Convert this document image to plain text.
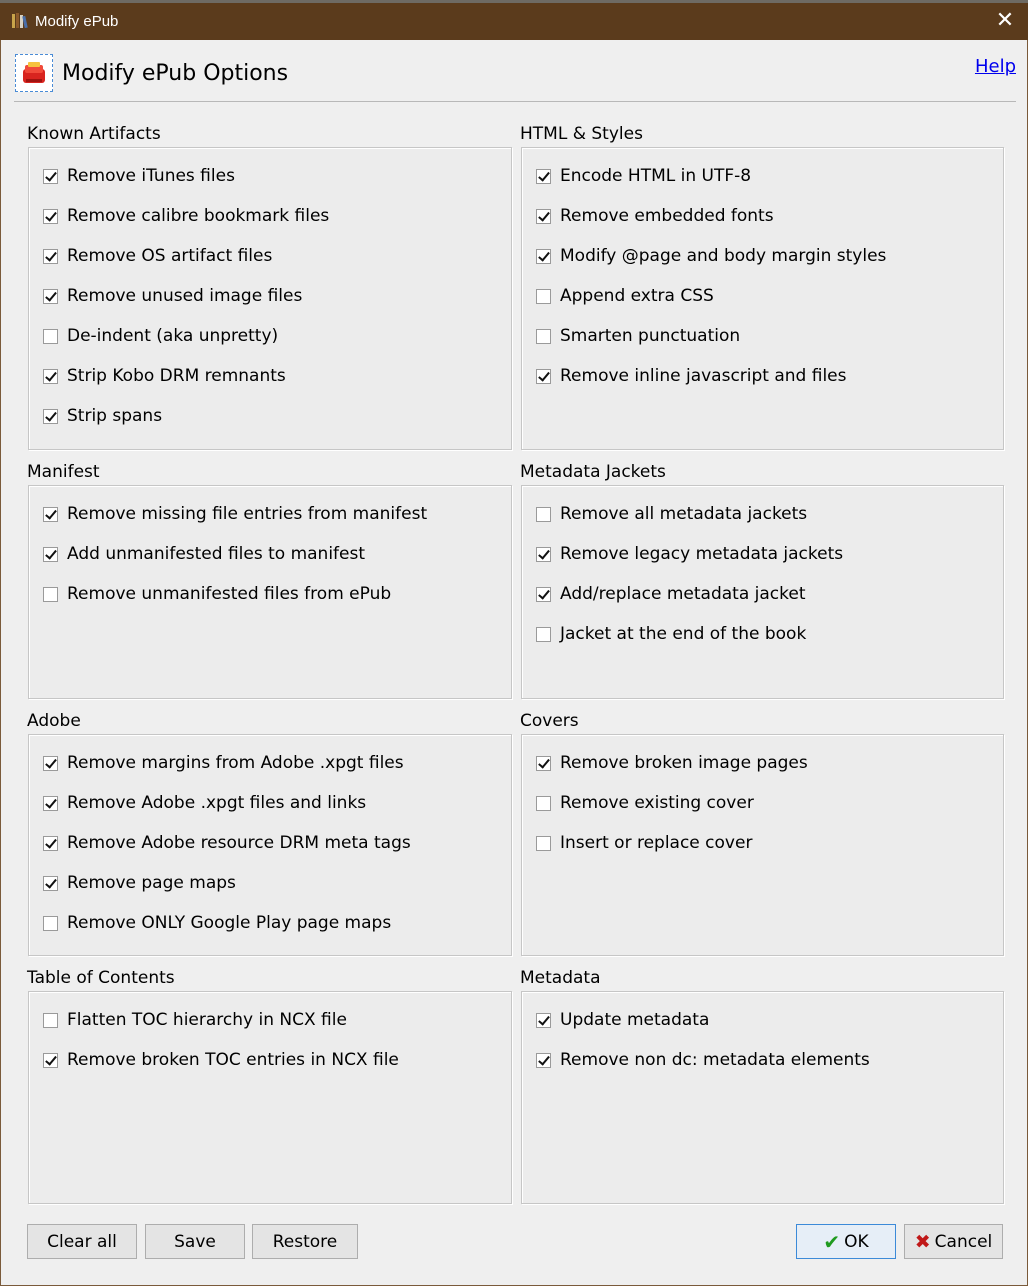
Modify ePub	✕
Modify ePub Options	Help
Known Artifacts
Remove iTunes files
Remove calibre bookmark files
Remove OS artifact files
Remove unused image files
De-indent (aka unpretty)
Strip Kobo DRM remnants
Strip spans
Manifest
Remove missing file entries from manifest
Add unmanifested files to manifest
Remove unmanifested files from ePub
Adobe
Remove margins from Adobe .xpgt files
Remove Adobe .xpgt files and links
Remove Adobe resource DRM meta tags
Remove page maps
Remove ONLY Google Play page maps
Table of Contents
Flatten TOC hierarchy in NCX file
Remove broken TOC entries in NCX file
HTML & Styles
Encode HTML in UTF-8
Remove embedded fonts
Modify @page and body margin styles
Append extra CSS
Smarten punctuation
Remove inline javascript and files
Metadata Jackets
Remove all metadata jackets
Remove legacy metadata jackets
Add/replace metadata jacket
Jacket at the end of the book
Covers
Remove broken image pages
Remove existing cover
Insert or replace cover
Metadata
Update metadata
Remove non dc: metadata elements
Clear all	Save	Restore	✔ OK ✖ Cancel
